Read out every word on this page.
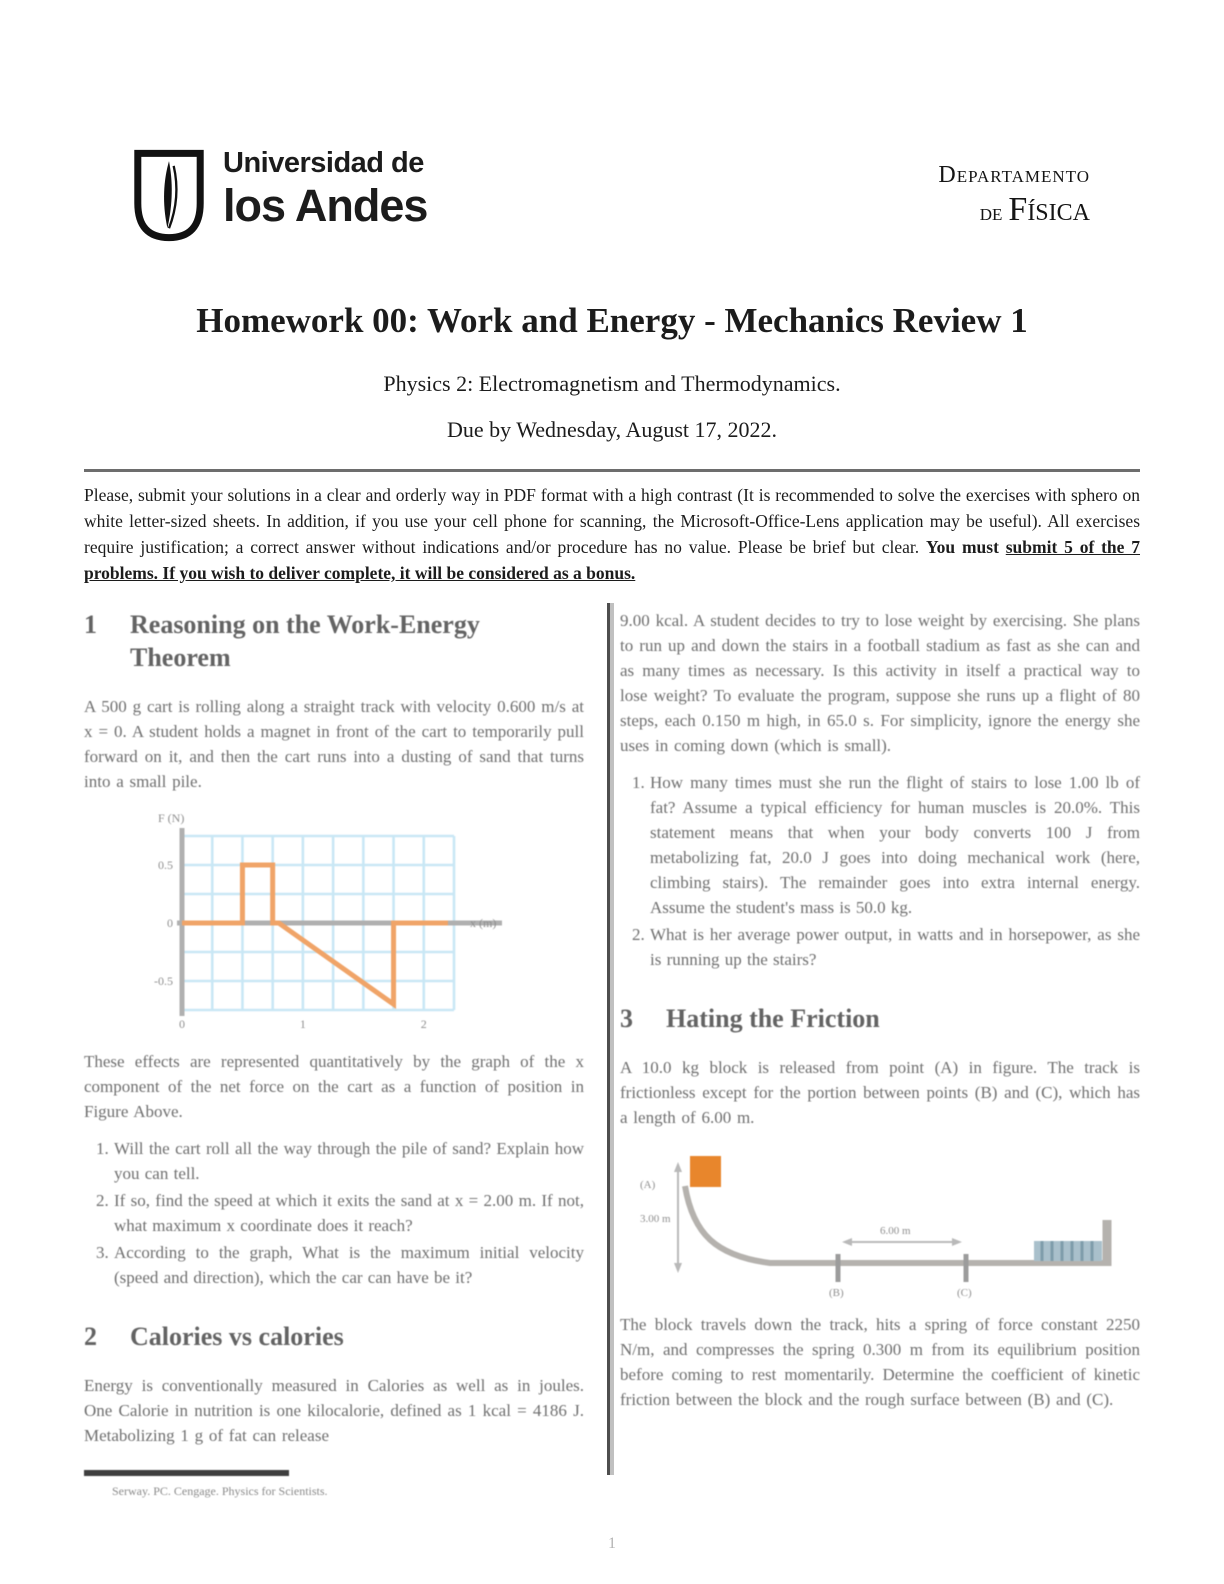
Universidad de
los Andes
Departamento
de Física
Homework 00: Work and Energy - Mechanics Review 1

Physics 2: Electromagnetism and Thermodynamics.

Due by Wednesday, August 17, 2022.

Please, submit your solutions in a clear and orderly way in PDF format with a high contrast (It is recommended to solve the exercises with sphero on white letter-sized sheets. In addition, if you use your cell phone for scanning, the Microsoft-Office-Lens application may be useful). All exercises require justification; a correct answer without indications and/or procedure has no value. Please be brief but clear. You must submit 5 of the 7 problems. If you wish to deliver complete, it will be considered as a bonus.

1	Reasoning on the Work-Energy Theorem

A 500 g cart is rolling along a straight track with velocity 0.600 m/s at x = 0. A student holds a magnet in front of the cart to temporarily pull forward on it, and then the cart runs into a dusting of sand that turns into a small pile.

0.5
0
-0.5
0	1	2
F (N)
x (m)

These effects are represented quantitatively by the graph of the x component of the net force on the cart as a function of position in Figure Above.

1. Will the cart roll all the way through the pile of sand? Explain how you can tell.
2. If so, find the speed at which it exits the sand at x = 2.00 m. If not, what maximum x coordinate does it reach?
3. According to the graph, What is the maximum initial velocity (speed and direction), which the car can have be it?
2	Calories vs calories

Energy is conventionally measured in Calories as well as in joules. One Calorie in nutrition is one kilocalorie, defined as 1 kcal = 4186 J. Metabolizing 1 g of fat can release

Serway. PC. Cengage. Physics for Scientists.

9.00 kcal. A student decides to try to lose weight by exercising. She plans to run up and down the stairs in a football stadium as fast as she can and as many times as necessary. Is this activity in itself a practical way to lose weight? To evaluate the program, suppose she runs up a flight of 80 steps, each 0.150 m high, in 65.0 s. For simplicity, ignore the energy she uses in coming down (which is small).

1. How many times must she run the flight of stairs to lose 1.00 lb of fat? Assume a typical efficiency for human muscles is 20.0%. This statement means that when your body converts 100 J from metabolizing fat, 20.0 J goes into doing mechanical work (here, climbing stairs). The remainder goes into extra internal energy. Assume the student's mass is 50.0 kg.
2. What is her average power output, in watts and in horsepower, as she is running up the stairs?
3	Hating the Friction

A 10.0 kg block is released from point (A) in figure. The track is frictionless except for the portion between points (B) and (C), which has a length of 6.00 m.

(A)
3.00 m
(B)	(C)
6.00 m

The block travels down the track, hits a spring of force constant 2250 N/m, and compresses the spring 0.300 m from its equilibrium position before coming to rest momentarily. Determine the coefficient of kinetic friction between the block and the rough surface between (B) and (C).

1
